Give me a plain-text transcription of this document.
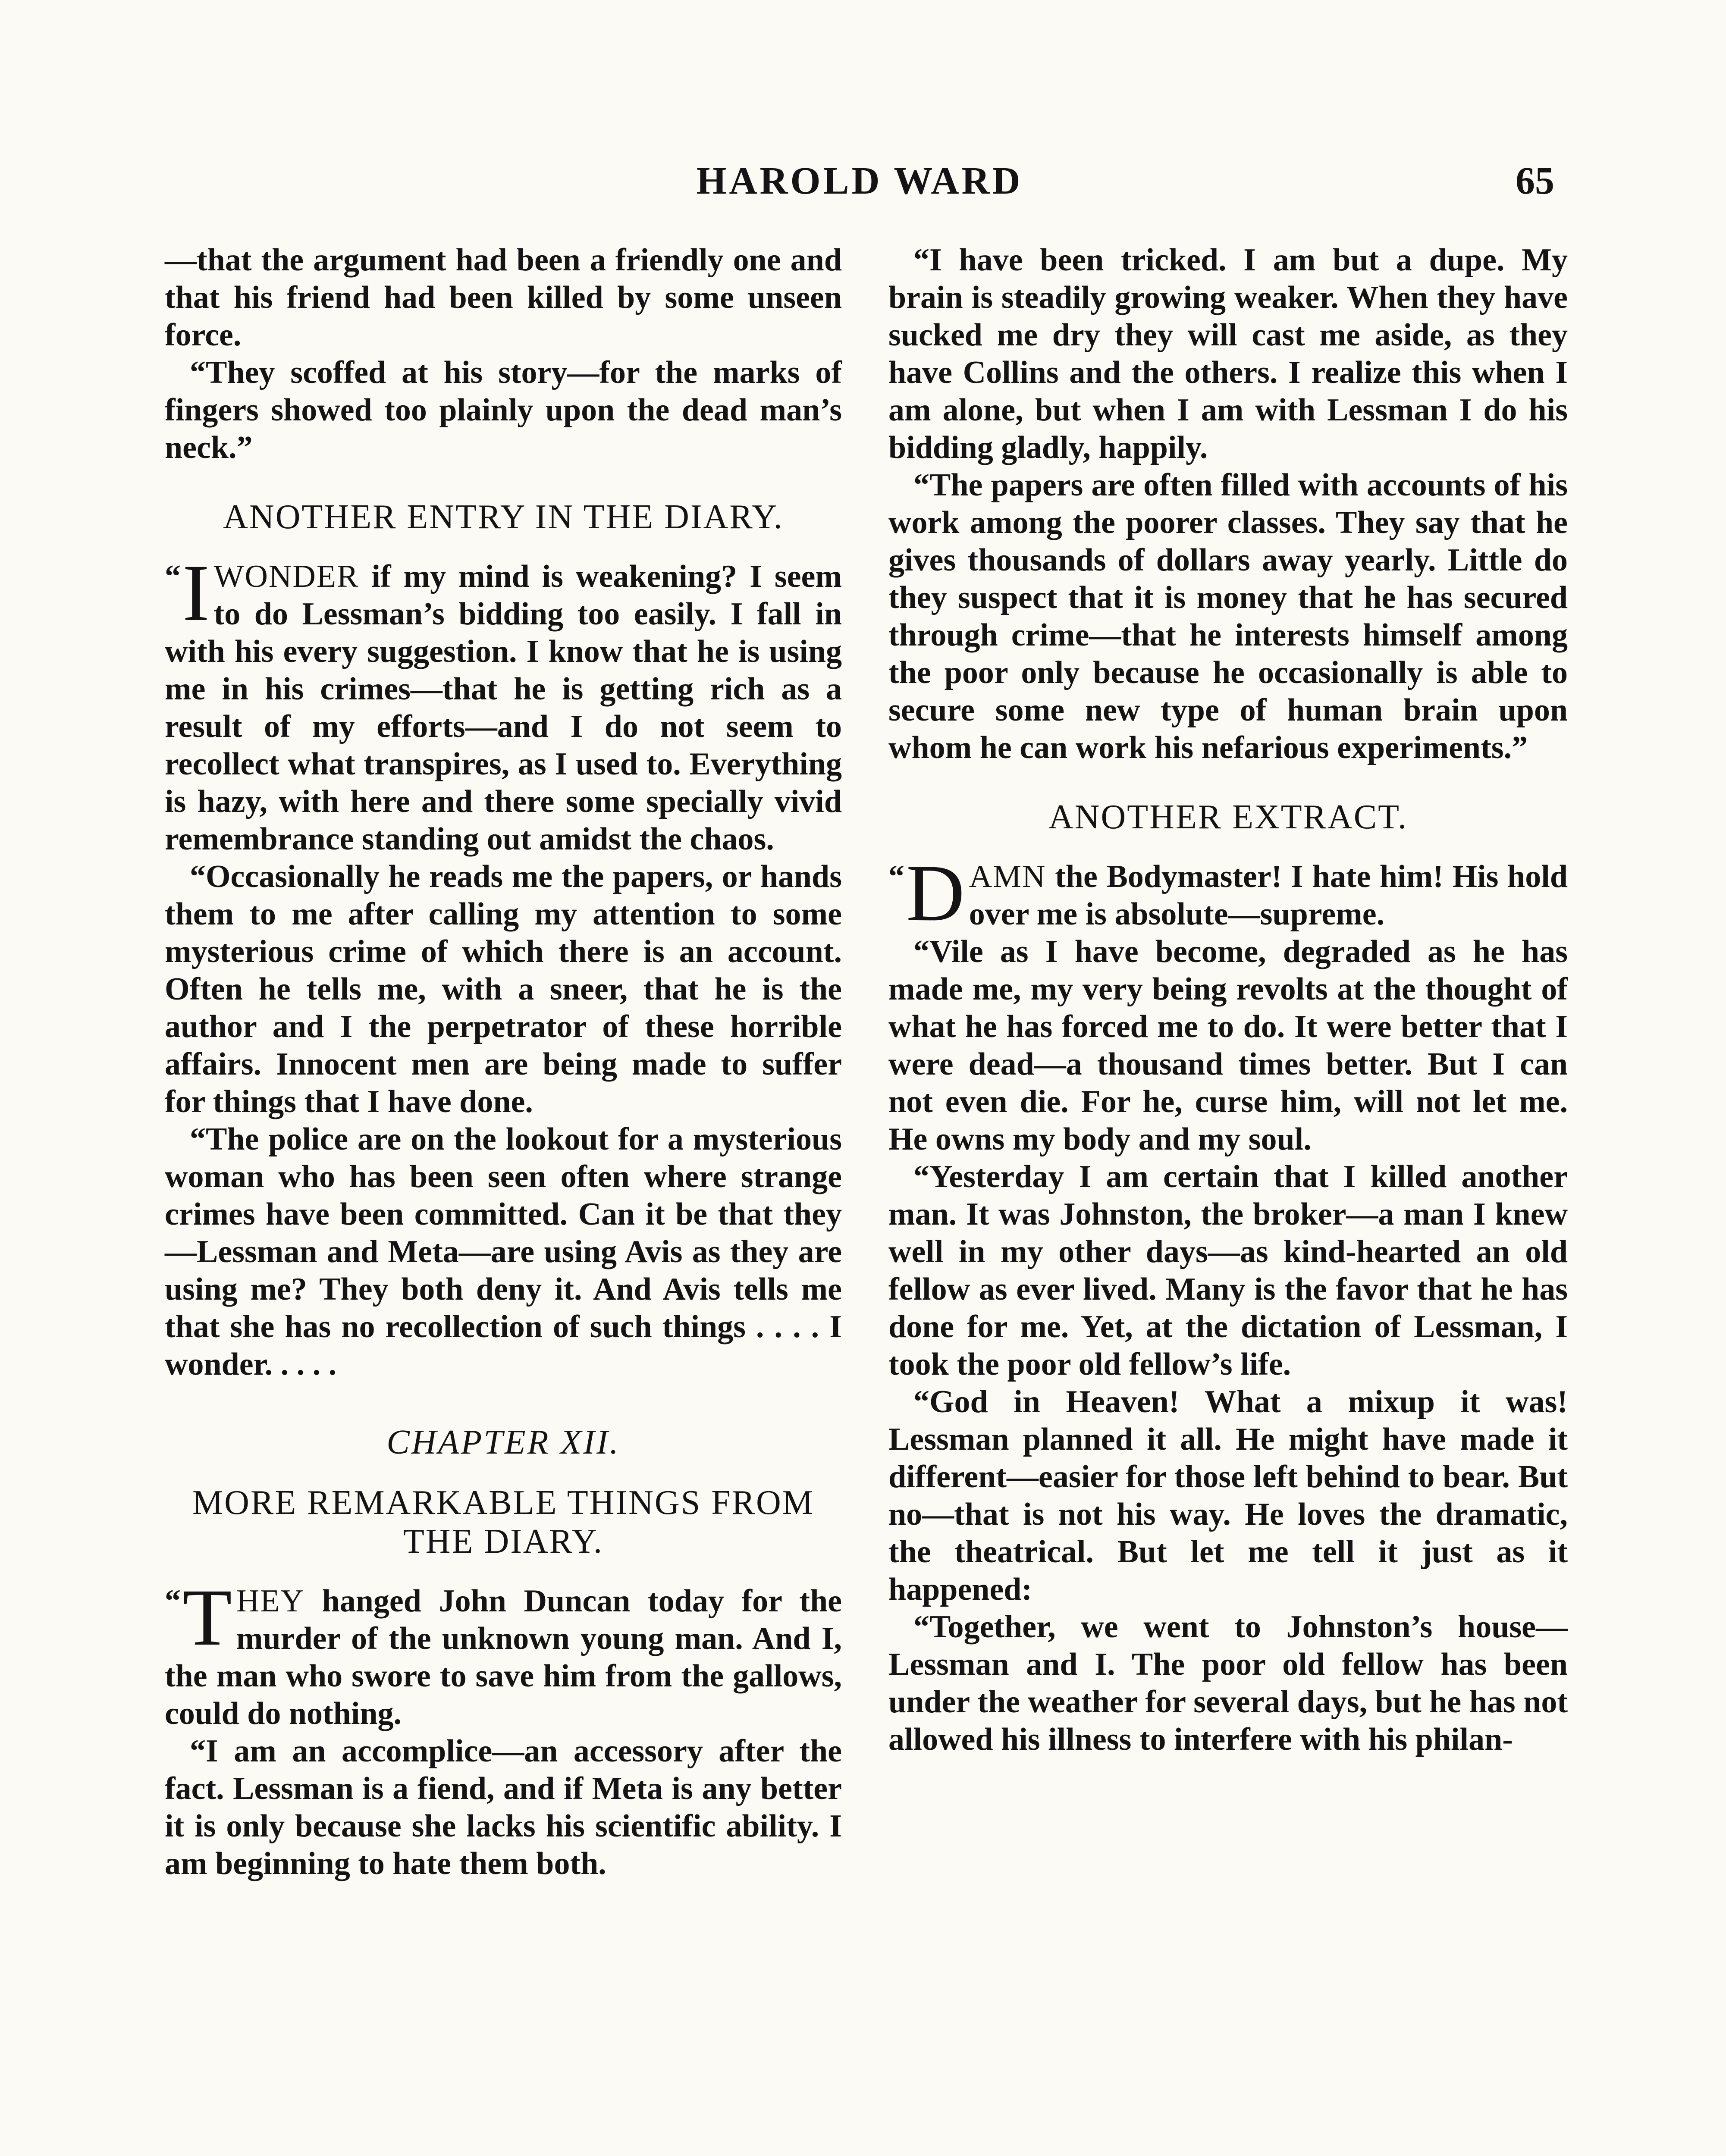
HAROLD WARD	65

—that the argument had been a friendly one and that his friend had been killed by some unseen force.

“They scoffed at his story—for the marks of fingers showed too plainly upon the dead man’s neck.”

ANOTHER ENTRY IN THE DIARY.

“ I WONDER if my mind is weakening? I seem to do Lessman’s bidding too easily. I fall in with his every suggestion. I know that he is using me in his crimes—that he is getting rich as a result of my efforts—and I do not seem to recollect what transpires, as I used to. Everything is hazy, with here and there some specially vivid remembrance standing out amidst the chaos.

“Occasionally he reads me the papers, or hands them to me after calling my attention to some mysterious crime of which there is an account. Often he tells me, with a sneer, that he is the author and I the perpetrator of these horrible affairs. Innocent men are being made to suffer for things that I have done.

“The police are on the lookout for a mysterious woman who has been seen often where strange crimes have been committed. Can it be that they—Lessman and Meta—are using Avis as they are using me? They both deny it. And Avis tells me that she has no recollection of such things . . . . I wonder. . . . .

CHAPTER XII.
MORE REMARKABLE THINGS FROM THE DIARY.

“ T HEY hanged John Duncan today for the murder of the unknown young man. And I, the man who swore to save him from the gallows, could do nothing.

“I am an accomplice—an accessory after the fact. Lessman is a fiend, and if Meta is any better it is only because she lacks his scientific ability. I am beginning to hate them both.

“I have been tricked. I am but a dupe. My brain is steadily growing weaker. When they have sucked me dry they will cast me aside, as they have Collins and the others. I realize this when I am alone, but when I am with Lessman I do his bidding gladly, happily.

“The papers are often filled with accounts of his work among the poorer classes. They say that he gives thousands of dollars away yearly. Little do they suspect that it is money that he has secured through crime—that he interests himself among the poor only because he occasionally is able to secure some new type of human brain upon whom he can work his nefarious experiments.”

ANOTHER EXTRACT.

“ D AMN the Bodymaster! I hate him! His hold over me is absolute—supreme.

“Vile as I have become, degraded as he has made me, my very being revolts at the thought of what he has forced me to do. It were better that I were dead—a thousand times better. But I can not even die. For he, curse him, will not let me. He owns my body and my soul.

“Yesterday I am certain that I killed another man. It was Johnston, the broker—a man I knew well in my other days—as kind-hearted an old fellow as ever lived. Many is the favor that he has done for me. Yet, at the dictation of Lessman, I took the poor old fellow’s life.

“God in Heaven! What a mixup it was! Lessman planned it all. He might have made it different—easier for those left behind to bear. But no—that is not his way. He loves the dramatic, the theatrical. But let me tell it just as it happened:

“Together, we went to Johnston’s house—Lessman and I. The poor old fellow has been under the weather for several days, but he has not allowed his illness to interfere with his philan-
